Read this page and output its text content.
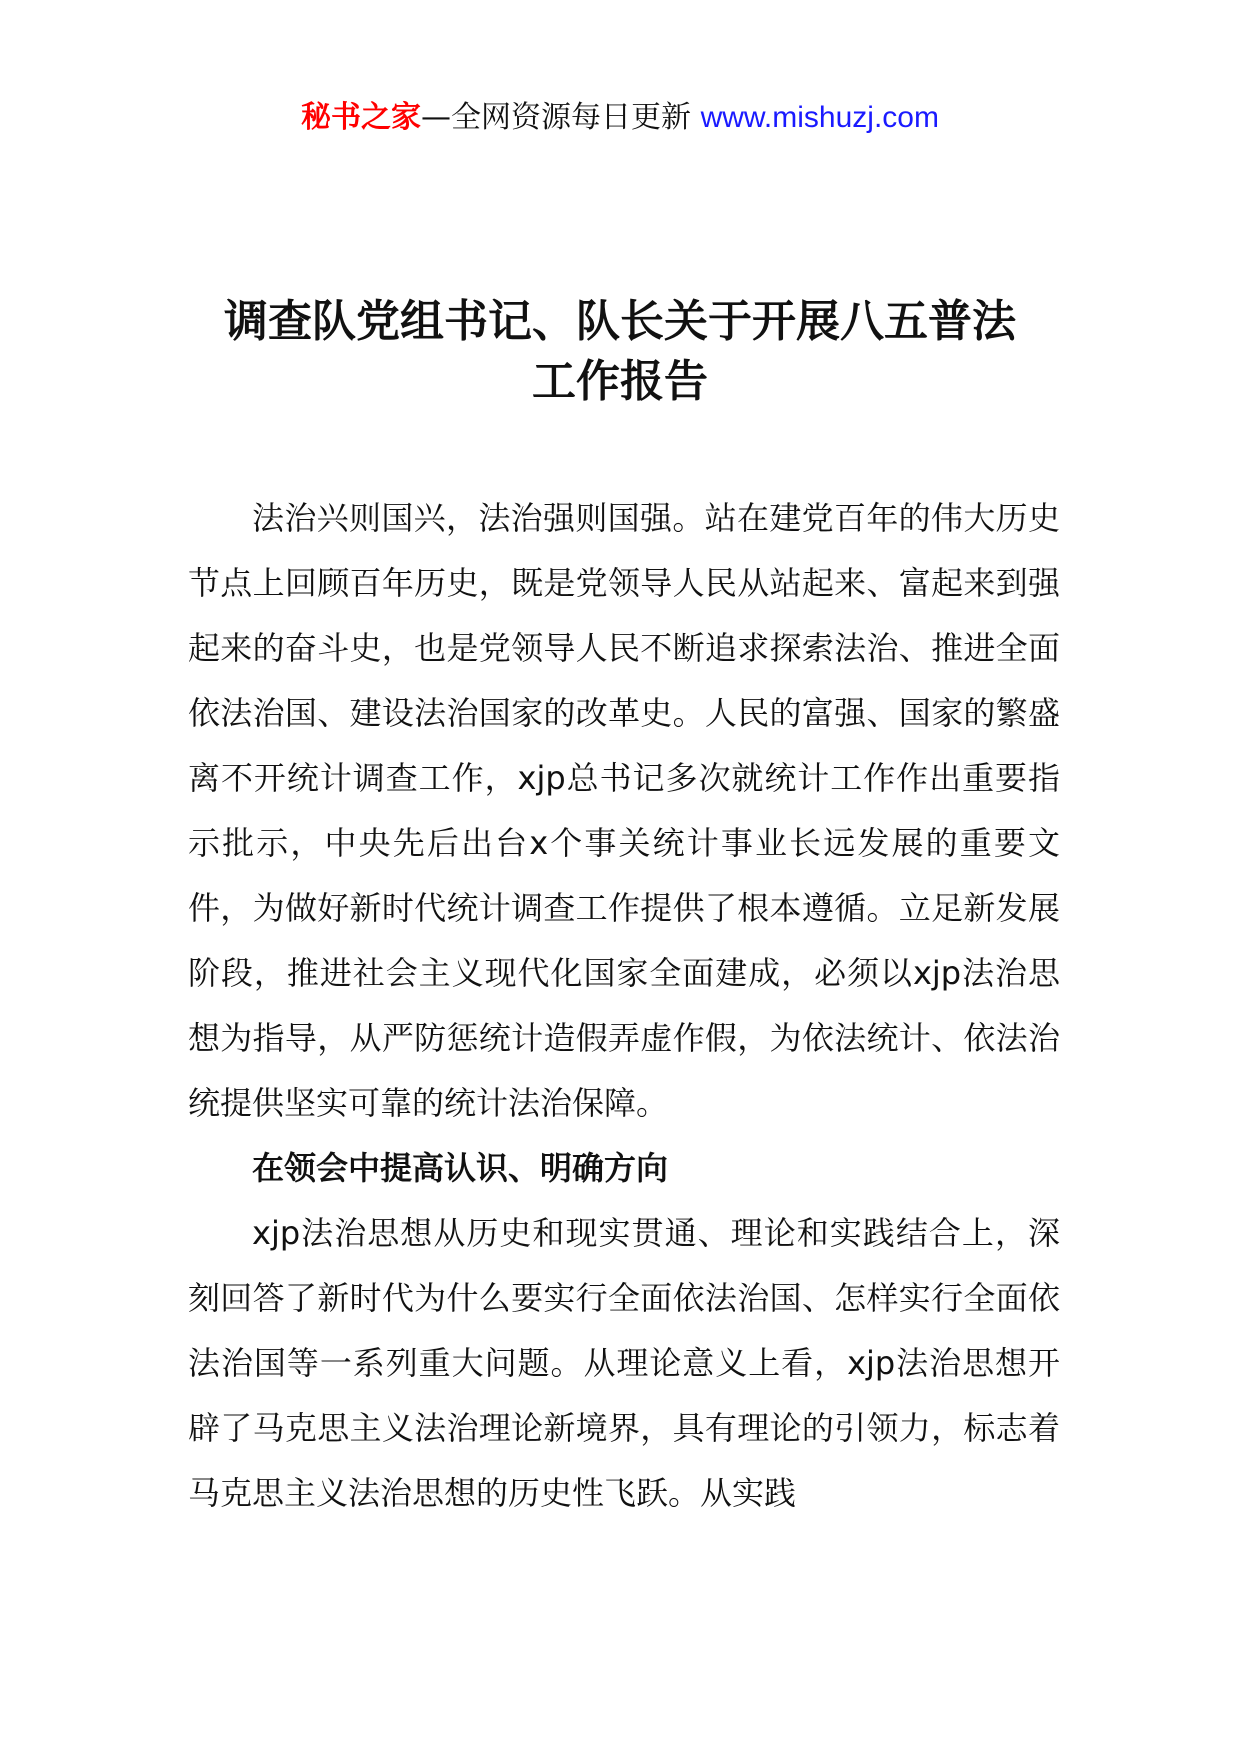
秘书之家—全网资源每日更新 www.mishuzj.com
调查队党组书记、队长关于开展八五普法
工作报告

法治兴则国兴，法治强则国强。站在建党百年的伟大历史节点上回顾百年历史，既是党领导人民从站起来、富起来到强起来的奋斗史，也是党领导人民不断追求探索法治、推进全面依法治国、建设法治国家的改革史。人民的富强、国家的繁盛离不开统计调查工作，xjp总书记多次就统计工作作出重要指示批示，中央先后出台x个事关统计事业长远发展的重要文件，为做好新时代统计调查工作提供了根本遵循。立足新发展阶段，推进社会主义现代化国家全面建成，必须以xjp法治思想为指导，从严防惩统计造假弄虚作假，为依法统计、依法治统提供坚实可靠的统计法治保障。

在领会中提高认识、明确方向

xjp法治思想从历史和现实贯通、理论和实践结合上，深刻回答了新时代为什么要实行全面依法治国、怎样实行全面依法治国等一系列重大问题。从理论意义上看，xjp法治思想开辟了马克思主义法治理论新境界，具有理论的引领力，标志着马克思主义法治思想的历史性飞跃。从实践
